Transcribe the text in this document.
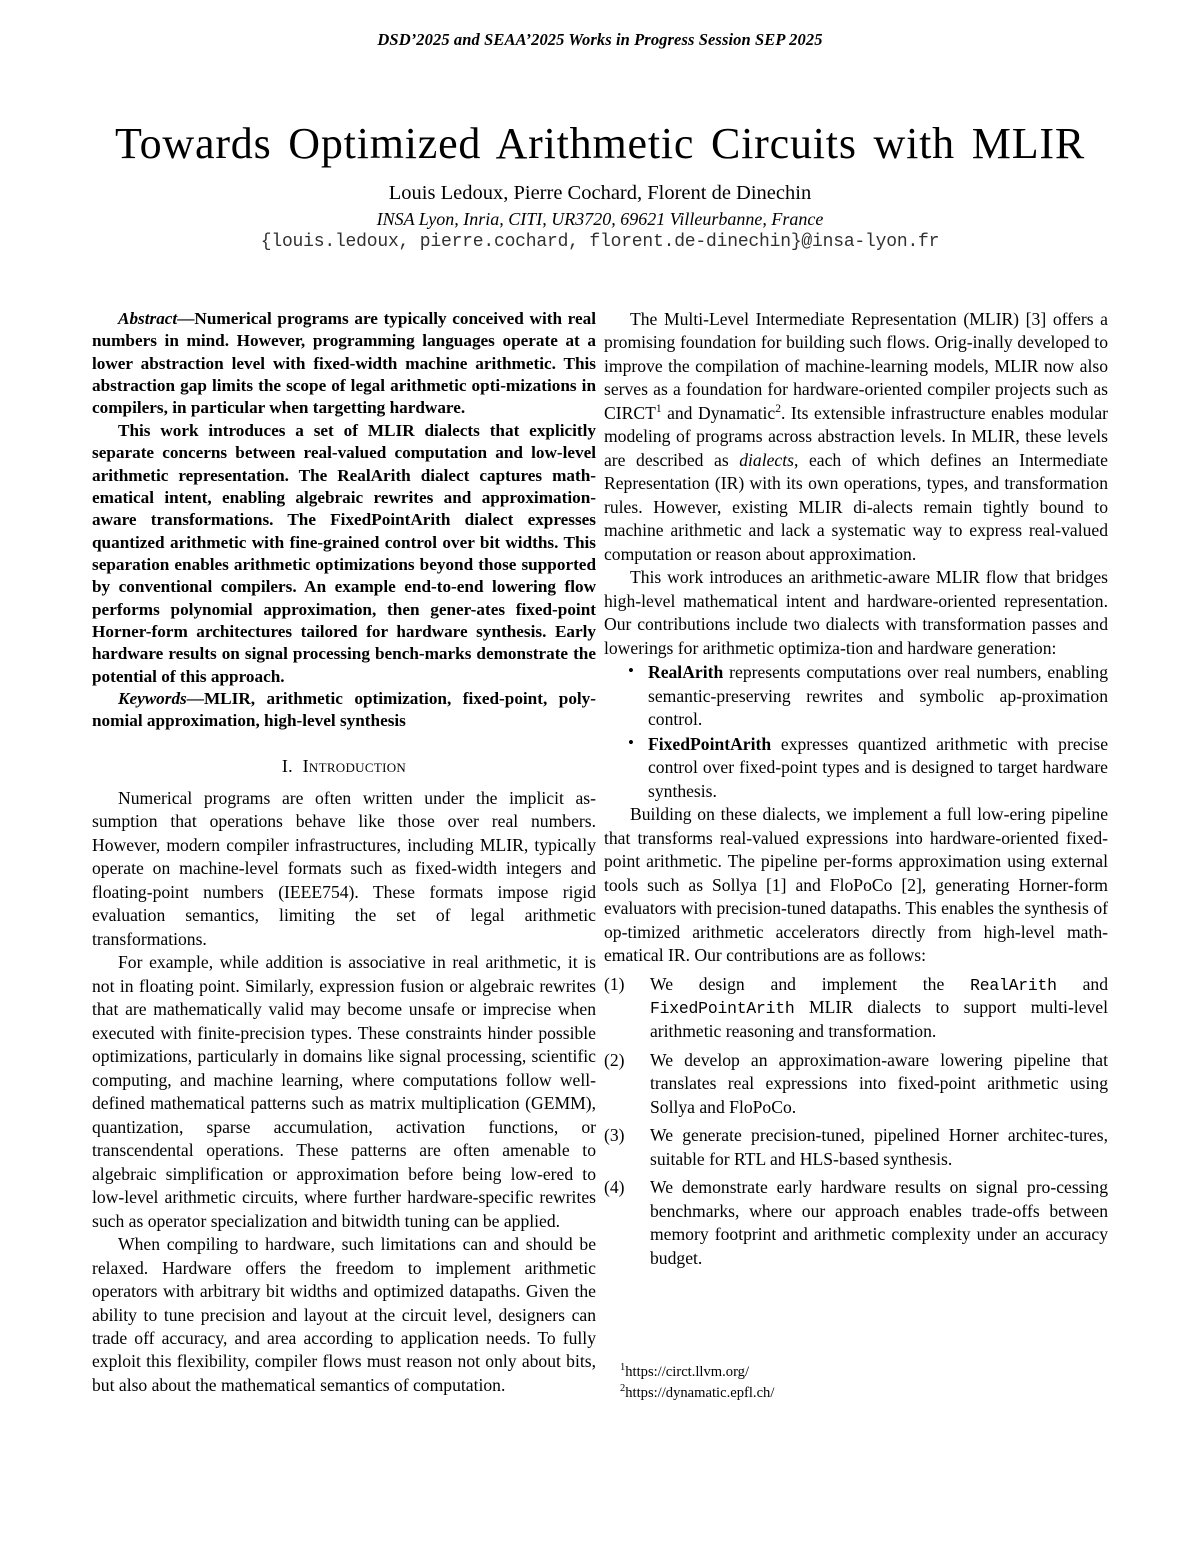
DSD’2025 and SEAA’2025 Works in Progress Session SEP 2025
Towards Optimized Arithmetic Circuits with MLIR
Louis Ledoux, Pierre Cochard, Florent de Dinechin
INSA Lyon, Inria, CITI, UR3720, 69621 Villeurbanne, France
{louis.ledoux, pierre.cochard, florent.de-dinechin}@insa-lyon.fr

Abstract—Numerical programs are typically conceived with real numbers in mind. However, programming languages operate at a lower abstraction level with fixed-width machine arithmetic. This abstraction gap limits the scope of legal arithmetic opti-mizations in compilers, in particular when targetting hardware.

This work introduces a set of MLIR dialects that explicitly separate concerns between real-valued computation and low-level arithmetic representation. The RealArith dialect captures math-ematical intent, enabling algebraic rewrites and approximation-aware transformations. The FixedPointArith dialect expresses quantized arithmetic with fine-grained control over bit widths. This separation enables arithmetic optimizations beyond those supported by conventional compilers. An example end-to-end lowering flow performs polynomial approximation, then gener-ates fixed-point Horner-form architectures tailored for hardware synthesis. Early hardware results on signal processing bench-marks demonstrate the potential of this approach.

Keywords—MLIR, arithmetic optimization, fixed-point, poly-nomial approximation, high-level synthesis

I. Introduction

Numerical programs are often written under the implicit as-sumption that operations behave like those over real numbers. However, modern compiler infrastructures, including MLIR, typically operate on machine-level formats such as fixed-width integers and floating-point numbers (IEEE754). These formats impose rigid evaluation semantics, limiting the set of legal arithmetic transformations.

For example, while addition is associative in real arithmetic, it is not in floating point. Similarly, expression fusion or algebraic rewrites that are mathematically valid may become unsafe or imprecise when executed with finite-precision types. These constraints hinder possible optimizations, particularly in domains like signal processing, scientific computing, and machine learning, where computations follow well-defined mathematical patterns such as matrix multiplication (GEMM), quantization, sparse accumulation, activation functions, or transcendental operations. These patterns are often amenable to algebraic simplification or approximation before being low-ered to low-level arithmetic circuits, where further hardware-specific rewrites such as operator specialization and bitwidth tuning can be applied.

When compiling to hardware, such limitations can and should be relaxed. Hardware offers the freedom to implement arithmetic operators with arbitrary bit widths and optimized datapaths. Given the ability to tune precision and layout at the circuit level, designers can trade off accuracy, and area according to application needs. To fully exploit this flexibility, compiler flows must reason not only about bits, but also about the mathematical semantics of computation.

The Multi-Level Intermediate Representation (MLIR) [3] offers a promising foundation for building such flows. Orig-inally developed to improve the compilation of machine-learning models, MLIR now also serves as a foundation for hardware-oriented compiler projects such as CIRCT$^1$ and Dynamatic$^2$. Its extensible infrastructure enables modular modeling of programs across abstraction levels. In MLIR, these levels are described as dialects, each of which defines an Intermediate Representation (IR) with its own operations, types, and transformation rules. However, existing MLIR di-alects remain tightly bound to machine arithmetic and lack a systematic way to express real-valued computation or reason about approximation.

This work introduces an arithmetic-aware MLIR flow that bridges high-level mathematical intent and hardware-oriented representation. Our contributions include two dialects with transformation passes and lowerings for arithmetic optimiza-tion and hardware generation:

• RealArith represents computations over real numbers, enabling semantic-preserving rewrites and symbolic ap-proximation control.
• FixedPointArith expresses quantized arithmetic with precise control over fixed-point types and is designed to target hardware synthesis.

Building on these dialects, we implement a full low-ering pipeline that transforms real-valued expressions into hardware-oriented fixed-point arithmetic. The pipeline per-forms approximation using external tools such as Sollya [1] and FloPoCo [2], generating Horner-form evaluators with precision-tuned datapaths. This enables the synthesis of op-timized arithmetic accelerators directly from high-level math-ematical IR. Our contributions are as follows:

(1)	We design and implement the RealArith and FixedPointArith MLIR dialects to support multi-level arithmetic reasoning and transformation.
(2)	We develop an approximation-aware lowering pipeline that translates real expressions into fixed-point arithmetic using Sollya and FloPoCo.
(3)	We generate precision-tuned, pipelined Horner architec-tures, suitable for RTL and HLS-based synthesis.
(4)	We demonstrate early hardware results on signal pro-cessing benchmarks, where our approach enables trade-offs between memory footprint and arithmetic complexity under an accuracy budget.
$^1$https://circt.llvm.org/
$^2$https://dynamatic.epfl.ch/
